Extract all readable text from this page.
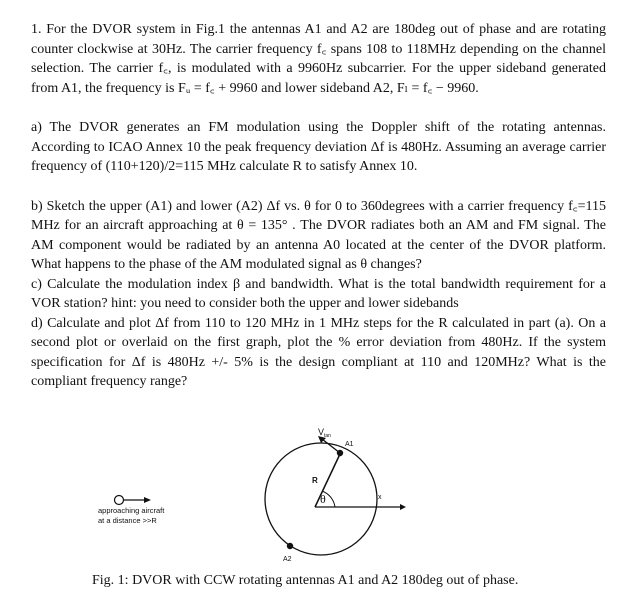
1. For the DVOR system in Fig.1 the antennas A1 and A2 are 180deg out of phase and are rotating counter clockwise at 30Hz. The carrier frequency f꜀ spans 108 to 118MHz depending on the channel selection. The carrier f꜀, is modulated with a 9960Hz subcarrier. For the upper sideband generated from A1, the frequency is Fᵤ = f꜀ + 9960 and lower sideband A2, Fₗ = f꜀ − 9960.

a) The DVOR generates an FM modulation using the Doppler shift of the rotating antennas. According to ICAO Annex 10 the peak frequency deviation Δf is 480Hz. Assuming an average carrier frequency of (110+120)/2=115 MHz calculate R to satisfy Annex 10.

b) Sketch the upper (A1) and lower (A2) Δf vs. θ for 0 to 360degrees with a carrier frequency f꜀=115 MHz for an aircraft approaching at θ = 135° . The DVOR radiates both an AM and FM signal. The AM component would be radiated by an antenna A0 located at the center of the DVOR platform. What happens to the phase of the AM modulated signal as θ changes?

c) Calculate the modulation index β and bandwidth. What is the total bandwidth requirement for a VOR station? hint: you need to consider both the upper and lower sidebands

d) Calculate and plot Δf from 110 to 120 MHz in 1 MHz steps for the R calculated in part (a). On a second plot or overlaid on the first graph, plot the % error deviation from 480Hz. If the system specification for Δf is 480Hz +/- 5% is the design compliant at 110 and 120MHz? What is the compliant frequency range?

x
A1
R
$V_{tan}$
θ
A2
approaching aircraft
at a distance >>R
Fig. 1: DVOR with CCW rotating antennas A1 and A2 180deg out of phase.
